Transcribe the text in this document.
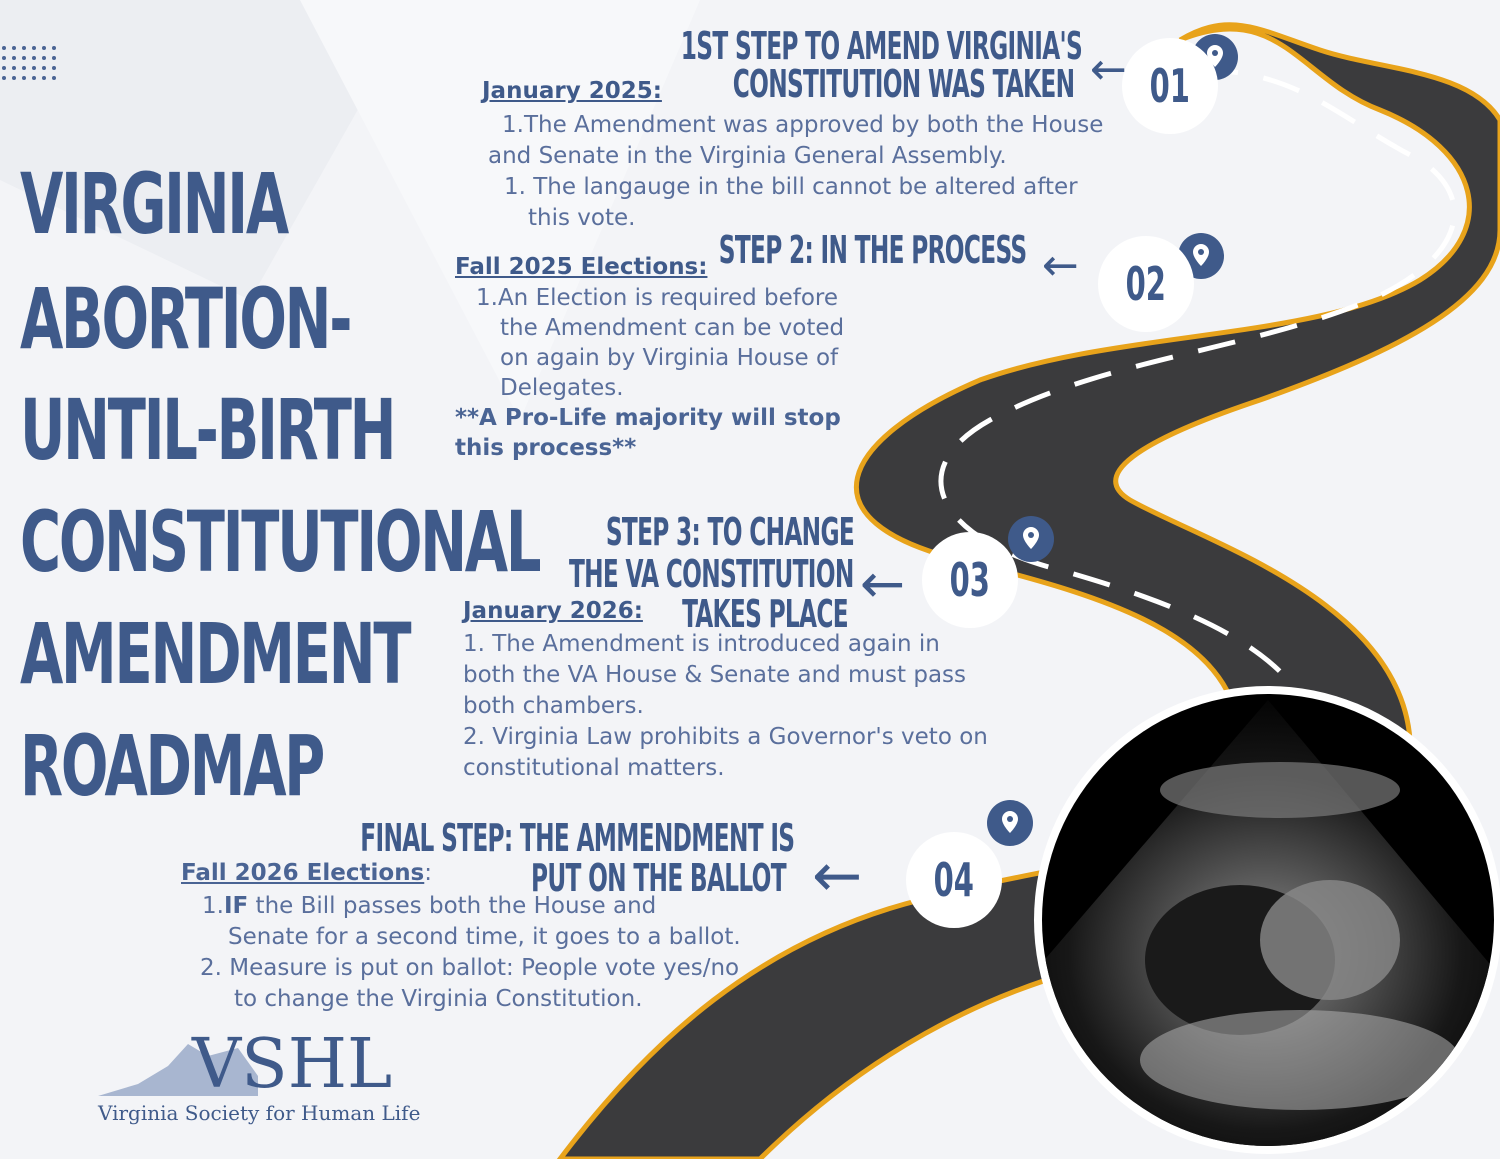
VIRGINIA
ABORTION-
UNTIL-BIRTH
CONSTITUTIONAL
AMENDMENT
ROADMAP
01
02
03
04
←
←
←
←
1ST STEP TO AMEND VIRGINIA'S
CONSTITUTION WAS TAKEN
January 2025:
1.The Amendment was approved by both the House
and Senate in the Virginia General Assembly.
1. The langauge in the bill cannot be altered after
this vote.
STEP 2: IN THE PROCESS
Fall 2025 Elections:
1.An Election is required before
the Amendment can be voted
on again by Virginia House of
Delegates.
**A Pro-Life majority will stop
this process**
STEP 3: TO CHANGE
THE VA CONSTITUTION
TAKES PLACE
January 2026:
1. The Amendment is introduced again in
both the VA House & Senate and must pass
both chambers.
2. Virginia Law prohibits a Governor's veto on
constitutional matters.
FINAL STEP: THE AMMENDMENT IS
PUT ON THE BALLOT
Fall 2026 Elections:
1.IF the Bill passes both the House and
Senate for a second time, it goes to a ballot.
2. Measure is put on ballot: People vote yes/no
to change the Virginia Constitution.
VSHL
Virginia Society for Human Life
